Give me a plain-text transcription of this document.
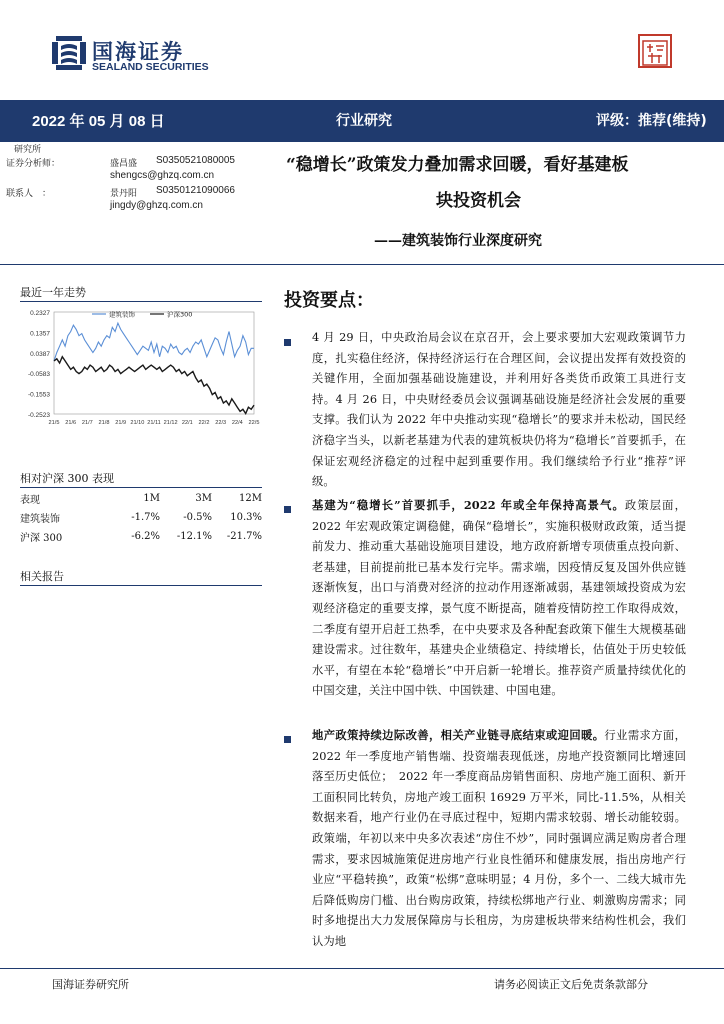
国海证券
SEALAND SECURITIES
2022 年 05 月 08 日	行业研究	评级：推荐(维持)
研究所
证券分析师：	盛昌盛 S0350521080005
shengcs@ghzq.com.cn
联系人　：	景丹阳 S0350121090066
jingdy@ghzq.com.cn
“稳增长”政策发力叠加需求回暖，看好基建板
块投资机会
——建筑装饰行业深度研究
最近一年走势
0.2327
0.1357
0.0387
-0.0583
-0.1553
-0.2523
21/5 21/6 21/7 21/8 21/9 21/10 21/11 21/12 22/1 22/2 22/3 22/4 22/5
建筑装饰	沪深300
相对沪深 300 表现
表现	1M	3M	12M
建筑装饰	-1.7%	-0.5%	10.3%
沪深 300	-6.2%	-12.1%	-21.7%
相关报告
投资要点：
4 月 29 日，中央政治局会议在京召开，会上要求要加大宏观政策调节力度，扎实稳住经济，保持经济运行在合理区间，会议提出发挥有效投资的关键作用，全面加强基础设施建设，并利用好各类货币政策工具进行支持。4 月 26 日，中央财经委员会议强调基础设施是经济社会发展的重要支撑。我们认为 2022 年中央推动实现“稳增长”的要求并未松动，国民经济稳字当头，以新老基建为代表的建筑板块仍将为“稳增长”首要抓手，在保证宏观经济稳定的过程中起到重要作用。我们继续给予行业“推荐”评级。
基建为“稳增长”首要抓手，2022 年或全年保持高景气。政策层面，2022 年宏观政策定调稳健，确保“稳增长”，实施积极财政政策，适当提前发力、推动重大基础设施项目建设，地方政府新增专项债重点投向新、老基建，目前提前批已基本发行完毕。需求端，因疫情反复及国外供应链逐渐恢复，出口与消费对经济的拉动作用逐渐减弱，基建领域投资成为宏观经济稳定的重要支撑，景气度不断提高，随着疫情防控工作取得成效，二季度有望开启赶工热季，在中央要求及各种配套政策下催生大规模基础建设需求。过往数年，基建央企业绩稳定、持续增长，估值处于历史较低水平，有望在本轮“稳增长”中开启新一轮增长。推荐资产质量持续优化的中国交建，关注中国中铁、中国铁建、中国电建。
地产政策持续边际改善，相关产业链寻底结束或迎回暖。行业需求方面，2022 年一季度地产销售端、投资端表现低迷，房地产投资额同比增速回落至历史低位；　2022 年一季度商品房销售面积、房地产施工面积、新开工面积同比转负，房地产竣工面积 16929 万平米，同比-11.5%，从相关数据来看，地产行业仍在寻底过程中，短期内需求较弱、增长动能较弱。政策端，年初以来中央多次表述“房住不炒”，同时强调应满足购房者合理需求，要求因城施策促进房地产行业良性循环和健康发展，指出房地产行业应“平稳转换”，政策“松绑”意味明显；4 月份，多个一、二线大城市先后降低购房门槛、出台购房政策，持续松绑地产行业、刺激购房需求；同时多地提出大力发展保障房与长租房，为房建板块带来结构性机会，我们认为地
国海证券研究所	请务必阅读正文后免责条款部分
